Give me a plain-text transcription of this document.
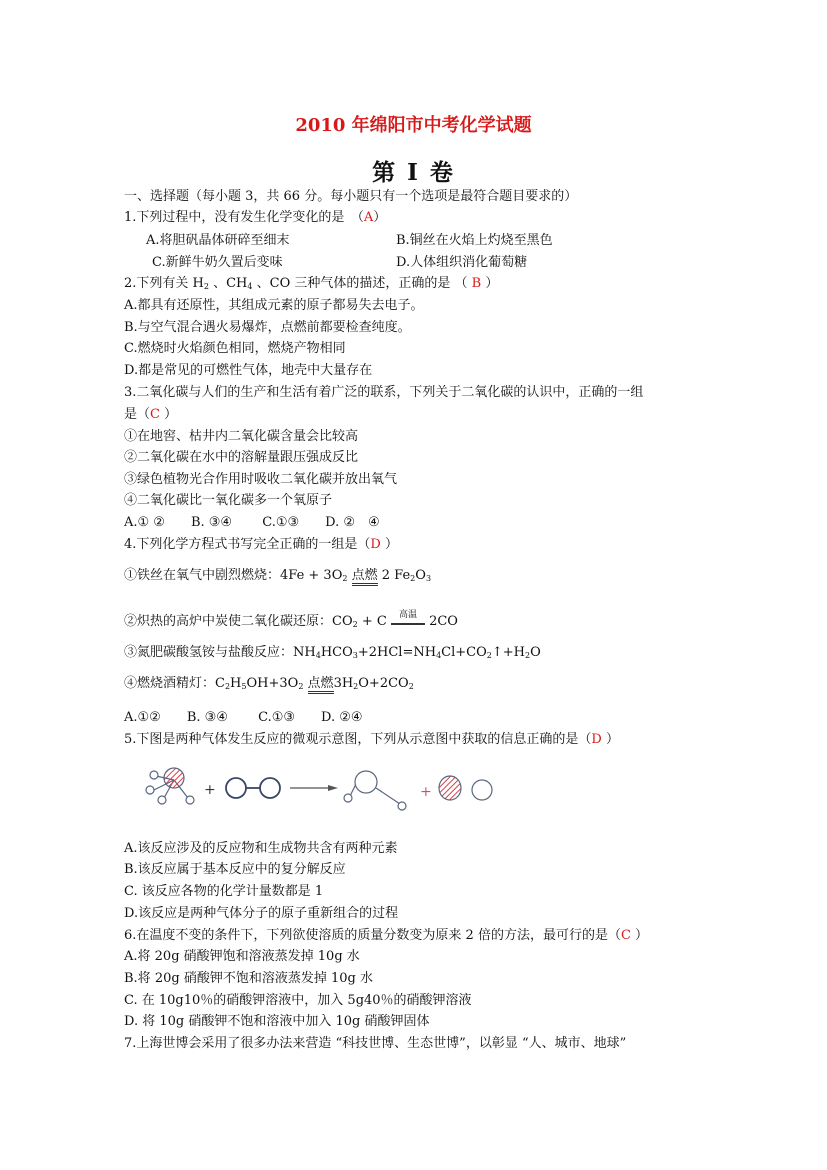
2010 年绵阳市中考化学试题
第 I 卷
一、选择题（每小题 3，共 66 分。每小题只有一个选项是最符合题目要求的）
1.下列过程中，没有发生化学变化的是　（A）
A.将胆矾晶体研碎至细末	B.铜丝在火焰上灼烧至黑色
C.新鲜牛奶久置后变味	D.人体组织消化葡萄糖
2.下列有关 $H_2$ 、$CH_4$ 、CO 三种气体的描述，正确的是 （ B ）
A.都具有还原性，其组成元素的原子都易失去电子。
B.与空气混合遇火易爆炸，点燃前都要检查纯度。
C.燃烧时火焰颜色相同，燃烧产物相同
D.都是常见的可燃性气体，地壳中大量存在
3.二氧化碳与人们的生产和生活有着广泛的联系，下列关于二氧化碳的认识中，正确的一组
是（C ）
①在地窖、枯井内二氧化碳含量会比较高
②二氧化碳在水中的溶解量跟压强成反比
③绿色植物光合作用时吸收二氧化碳并放出氧气
④二氧化碳比一氧化碳多一个氧原子
A.① ②　　B. ③④　　 C.①③　　D. ②　④
4.下列化学方程式书写完全正确的一组是（D ）
①铁丝在氧气中剧烈燃烧：$4Fe + 3O_2$ 点燃 2 $Fe_2O_3$
②炽热的高炉中炭使二氧化碳还原：$CO_2 + C$ 高温 2CO
③氮肥碳酸氢铵与盐酸反应：$NH_4HCO_3+2HCl=NH_4Cl+CO_2↑+H_2O$
④燃烧酒精灯：$C_2H_5OH+3O_2$ 点燃$3H_2O+2CO_2$
A.①②　　B. ③④　　 C.①③　　D. ②④
5.下图是两种气体发生反应的微观示意图，下列从示意图中获取的信息正确的是（D ）
+	+
A.该反应涉及的反应物和生成物共含有两种元素
B.该反应属于基本反应中的复分解反应
C. 该反应各物的化学计量数都是 1
D.该反应是两种气体分子的原子重新组合的过程
6.在温度不变的条件下，下列欲使溶质的质量分数变为原来 2 倍的方法，最可行的是（C ）
A.将 20g 硝酸钾饱和溶液蒸发掉 10g 水
B.将 20g 硝酸钾不饱和溶液蒸发掉 10g 水
C. 在 10g10％的硝酸钾溶液中，加入 5g40％的硝酸钾溶液
D. 将 10g 硝酸钾不饱和溶液中加入 10g 硝酸钾固体
7.上海世博会采用了很多办法来营造 “科技世博、生态世博”，以彰显 “人、城市、地球”
